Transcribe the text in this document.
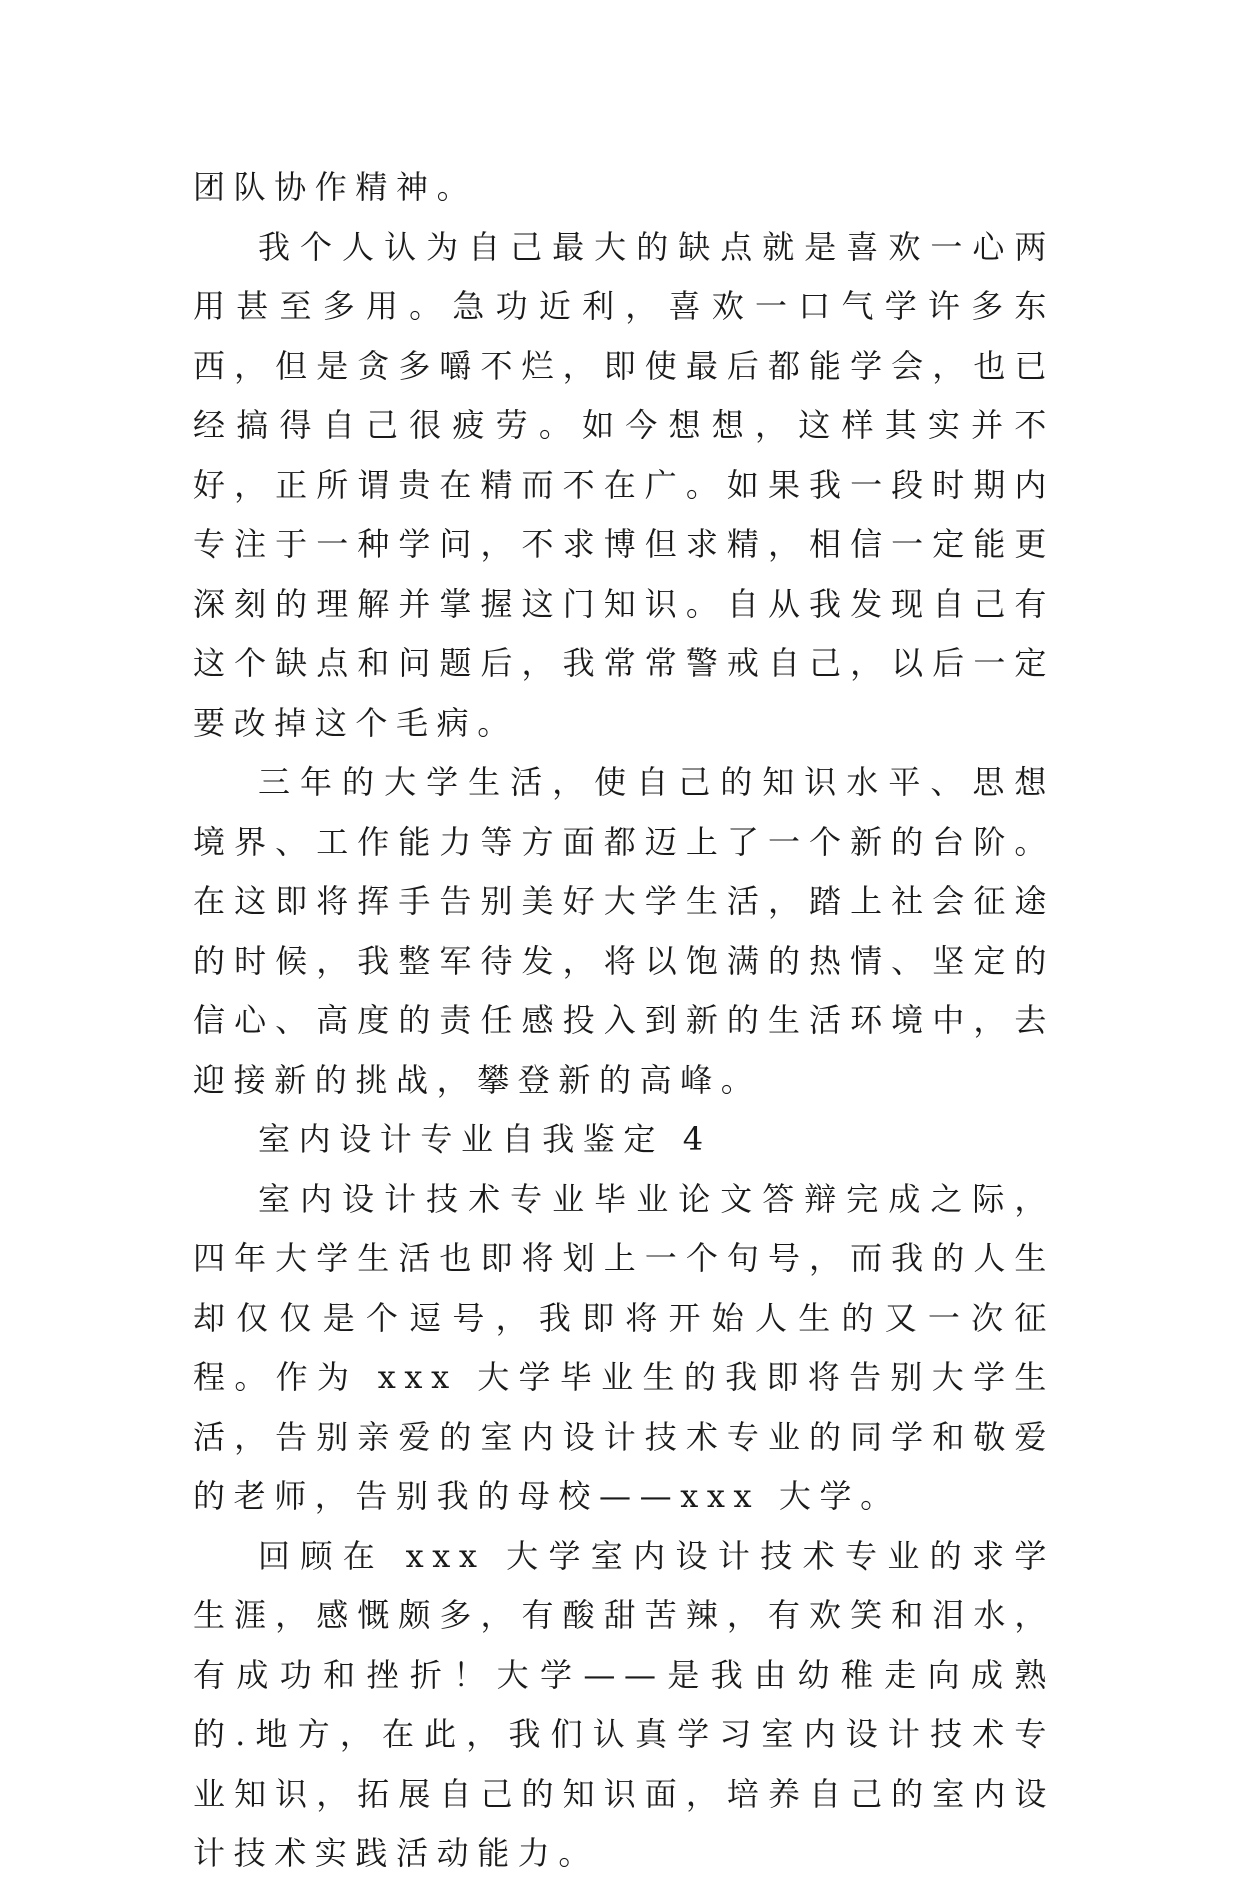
团队协作精神。

我个人认为自己最大的缺点就是喜欢一心两用甚至多用。急功近利，喜欢一口气学许多东西，但是贪多嚼不烂，即使最后都能学会，也已经搞得自己很疲劳。如今想想，这样其实并不好，正所谓贵在精而不在广。如果我一段时期内专注于一种学问，不求博但求精，相信一定能更深刻的理解并掌握这门知识。自从我发现自己有这个缺点和问题后，我常常警戒自己，以后一定要改掉这个毛病。

三年的大学生活，使自己的知识水平、思想境界、工作能力等方面都迈上了一个新的台阶。在这即将挥手告别美好大学生活，踏上社会征途的时候，我整军待发，将以饱满的热情、坚定的信心、高度的责任感投入到新的生活环境中，去迎接新的挑战，攀登新的高峰。

室内设计专业自我鉴定 4

室内设计技术专业毕业论文答辩完成之际，四年大学生活也即将划上一个句号，而我的人生却仅仅是个逗号，我即将开始人生的又一次征程。作为 xxx 大学毕业生的我即将告别大学生活，告别亲爱的室内设计技术专业的同学和敬爱的老师，告别我的母校——xxx 大学。

回顾在 xxx 大学室内设计技术专业的求学生涯，感慨颇多，有酸甜苦辣，有欢笑和泪水，有成功和挫折！大学——是我由幼稚走向成熟的.地方，在此，我们认真学习室内设计技术专业知识，拓展自己的知识面，培养自己的室内设计技术实践活动能力。
